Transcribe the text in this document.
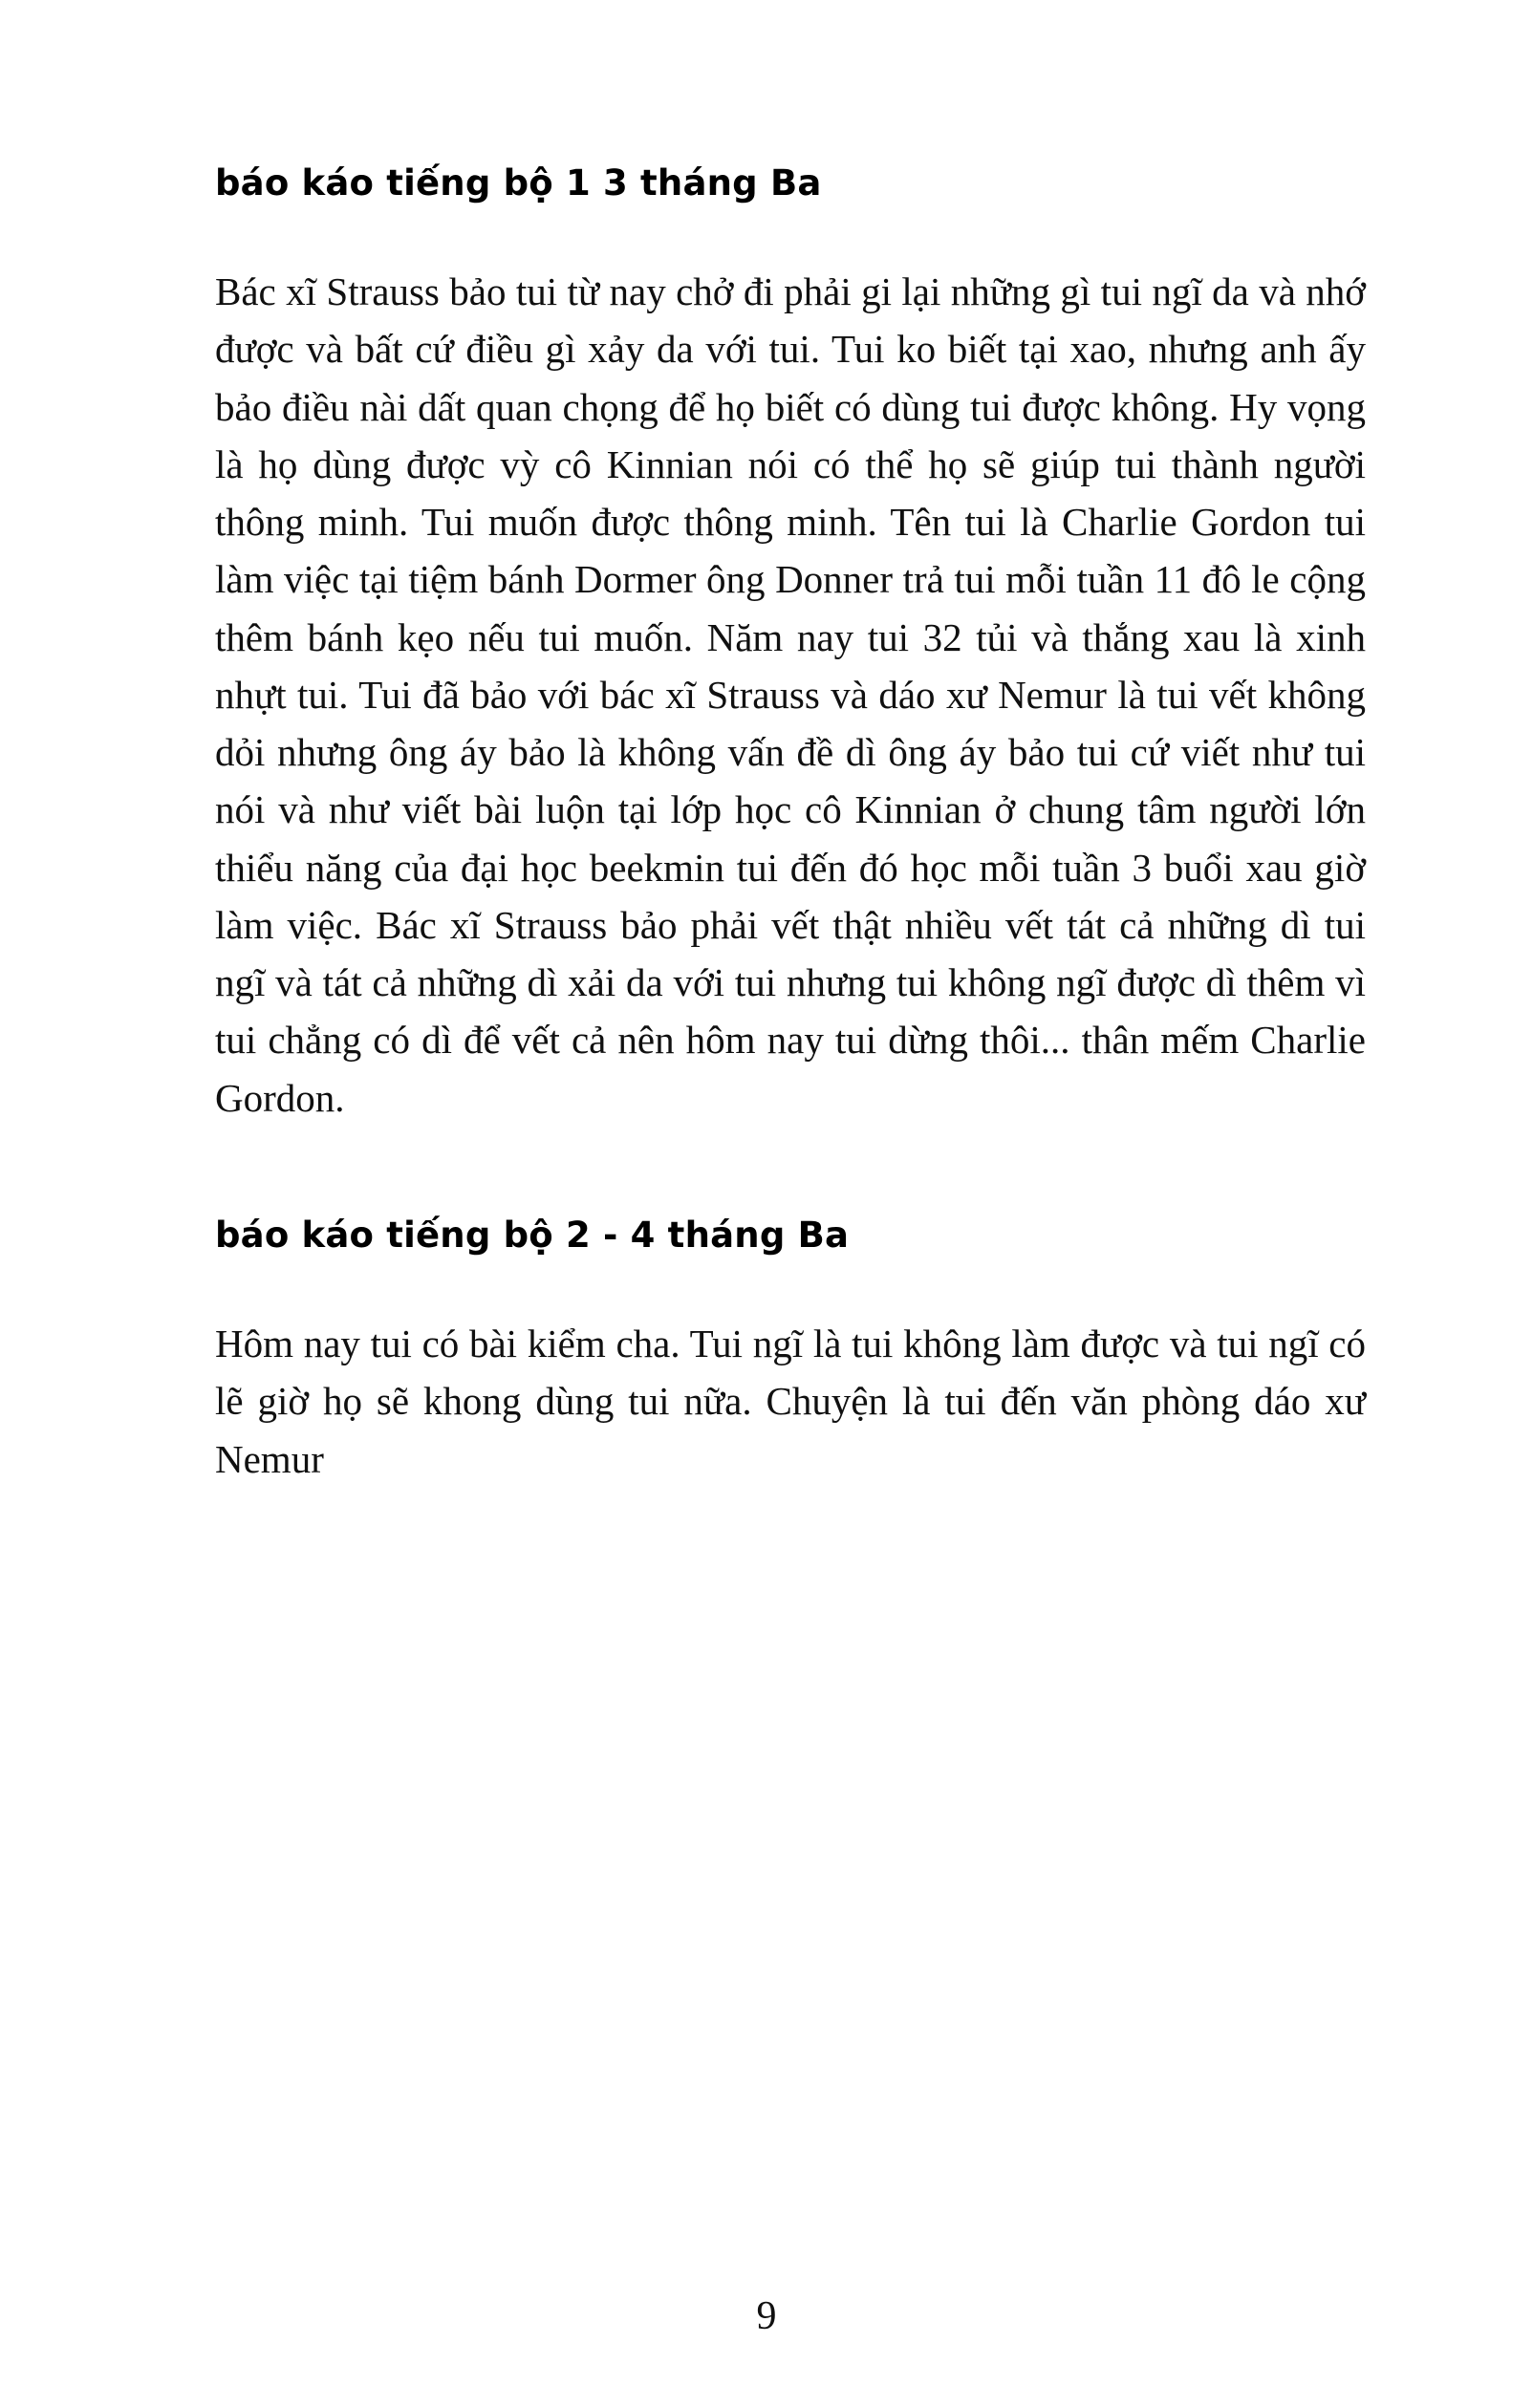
báo káo tiếng bộ 1 3 tháng Ba

Bác xĩ Strauss bảo tui từ nay chở đi phải gi lại những gì tui ngĩ da và nhớ được và bất cứ điều gì xảy da với tui. Tui ko biết tại xao, nhưng anh ấy bảo điều nài dất quan chọng để họ biết có dùng tui được không. Hy vọng là họ dùng được vỳ cô Kinnian nói có thể họ sẽ giúp tui thành người thông minh. Tui muốn được thông minh. Tên tui là Charlie Gordon tui làm việc tại tiệm bánh Dormer ông Donner trả tui mỗi tuần 11 đô le cộng thêm bánh kẹo nếu tui muốn. Năm nay tui 32 tủi và thắng xau là xinh nhựt tui. Tui đã bảo với bác xĩ Strauss và dáo xư Nemur là tui vết không dỏi nhưng ông áy bảo là không vấn đề dì ông áy bảo tui cứ viết như tui nói và như viết bài luộn tại lớp học cô Kinnian ở chung tâm người lớn thiểu năng của đại học beekmin tui đến đó học mỗi tuần 3 buổi xau giờ làm việc. Bác xĩ Strauss bảo phải vết thật nhiều vết tát cả những dì tui ngĩ và tát cả những dì xải da với tui nhưng tui không ngĩ được dì thêm vì tui chẳng có dì để vết cả nên hôm nay tui dừng thôi... thân mếm Charlie Gordon.

báo káo tiếng bộ 2 - 4 tháng Ba

Hôm nay tui có bài kiểm cha. Tui ngĩ là tui không làm được và tui ngĩ có lẽ giờ họ sẽ khong dùng tui nữa. Chuyện là tui đến văn phòng dáo xư Nemur

9
